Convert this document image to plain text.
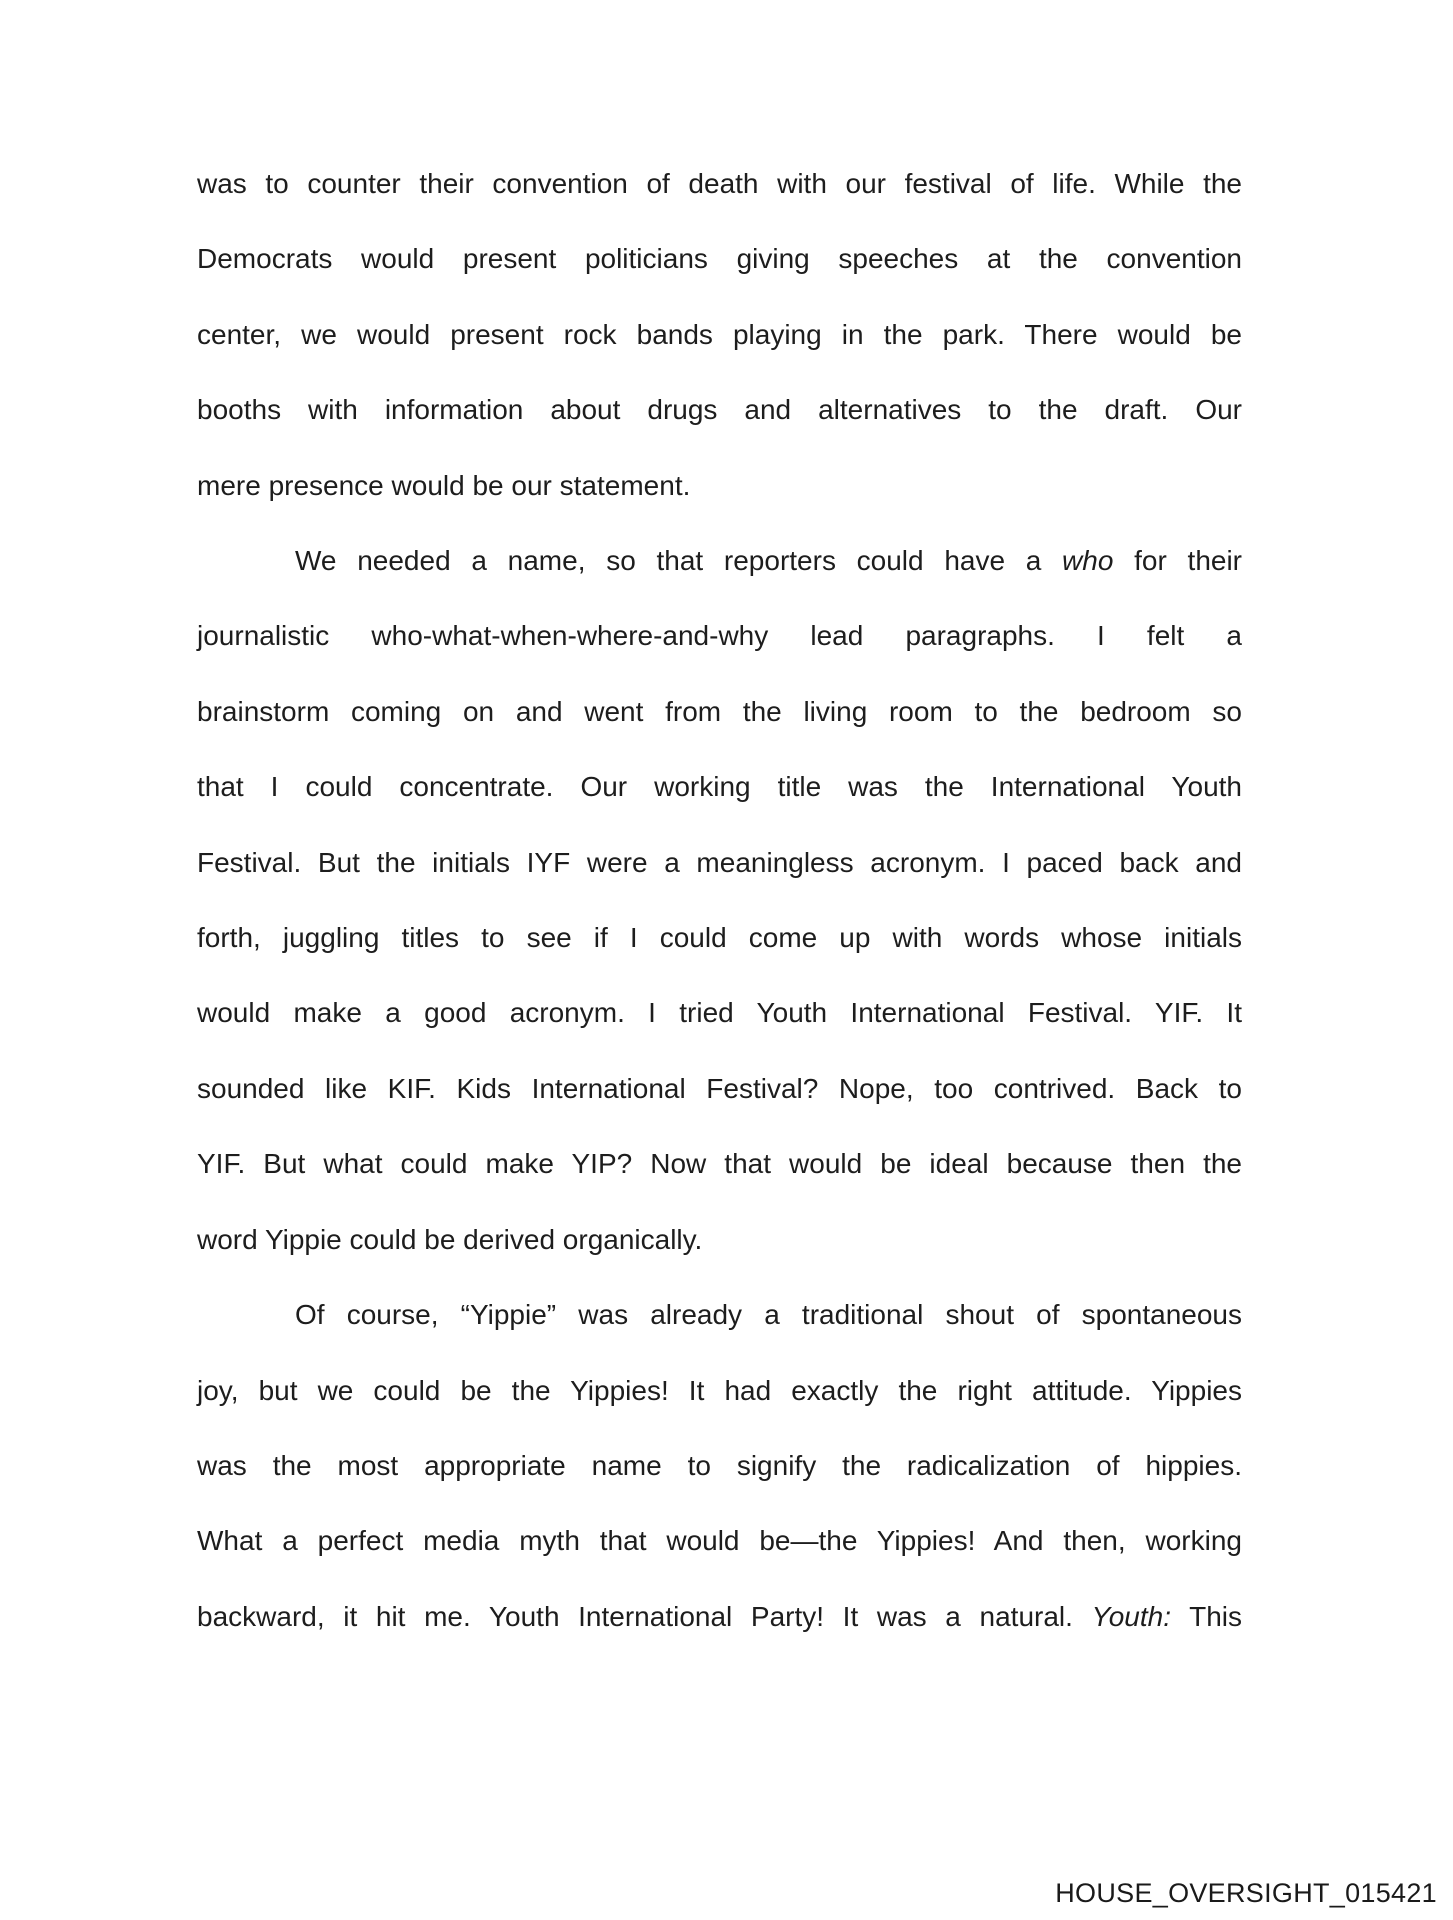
was to counter their convention of death with our festival of life. While the
Democrats would present politicians giving speeches at the convention
center, we would present rock bands playing in the park. There would be
booths with information about drugs and alternatives to the draft. Our
mere presence would be our statement.
We needed a name, so that reporters could have a who for their
journalistic who-what-when-where-and-why lead paragraphs. I felt a
brainstorm coming on and went from the living room to the bedroom so
that I could concentrate. Our working title was the International Youth
Festival. But the initials IYF were a meaningless acronym. I paced back and
forth, juggling titles to see if I could come up with words whose initials
would make a good acronym. I tried Youth International Festival. YIF. It
sounded like KIF. Kids International Festival? Nope, too contrived. Back to
YIF. But what could make YIP? Now that would be ideal because then the
word Yippie could be derived organically.
Of course, “Yippie” was already a traditional shout of spontaneous
joy, but we could be the Yippies! It had exactly the right attitude. Yippies
was the most appropriate name to signify the radicalization of hippies.
What a perfect media myth that would be—the Yippies! And then, working
backward, it hit me. Youth International Party! It was a natural. Youth: This
HOUSE_OVERSIGHT_015421
